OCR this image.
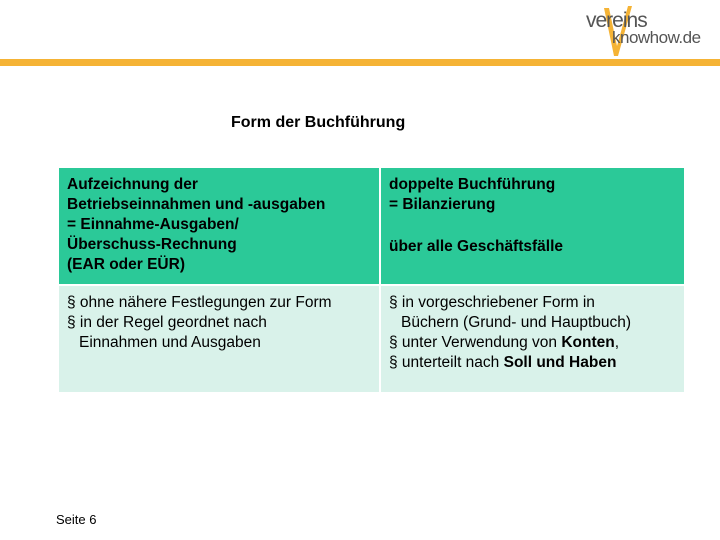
vereins
knowhow.de
Form der Buchführung
Aufzeichnung der
Betriebseinnahmen und -ausgaben
= Einnahme-Ausgaben/
Überschuss-Rechnung
(EAR oder EÜR)
doppelte Buchführung
= Bilanzierung
über alle Geschäftsfälle
§ ohne nähere Festlegungen zur Form
§ in der Regel geordnet nach
Einnahmen und Ausgaben
§ in vorgeschriebener Form in
Büchern (Grund- und Hauptbuch)
§ unter Verwendung von Konten,
§ unterteilt nach Soll und Haben
Seite 6
